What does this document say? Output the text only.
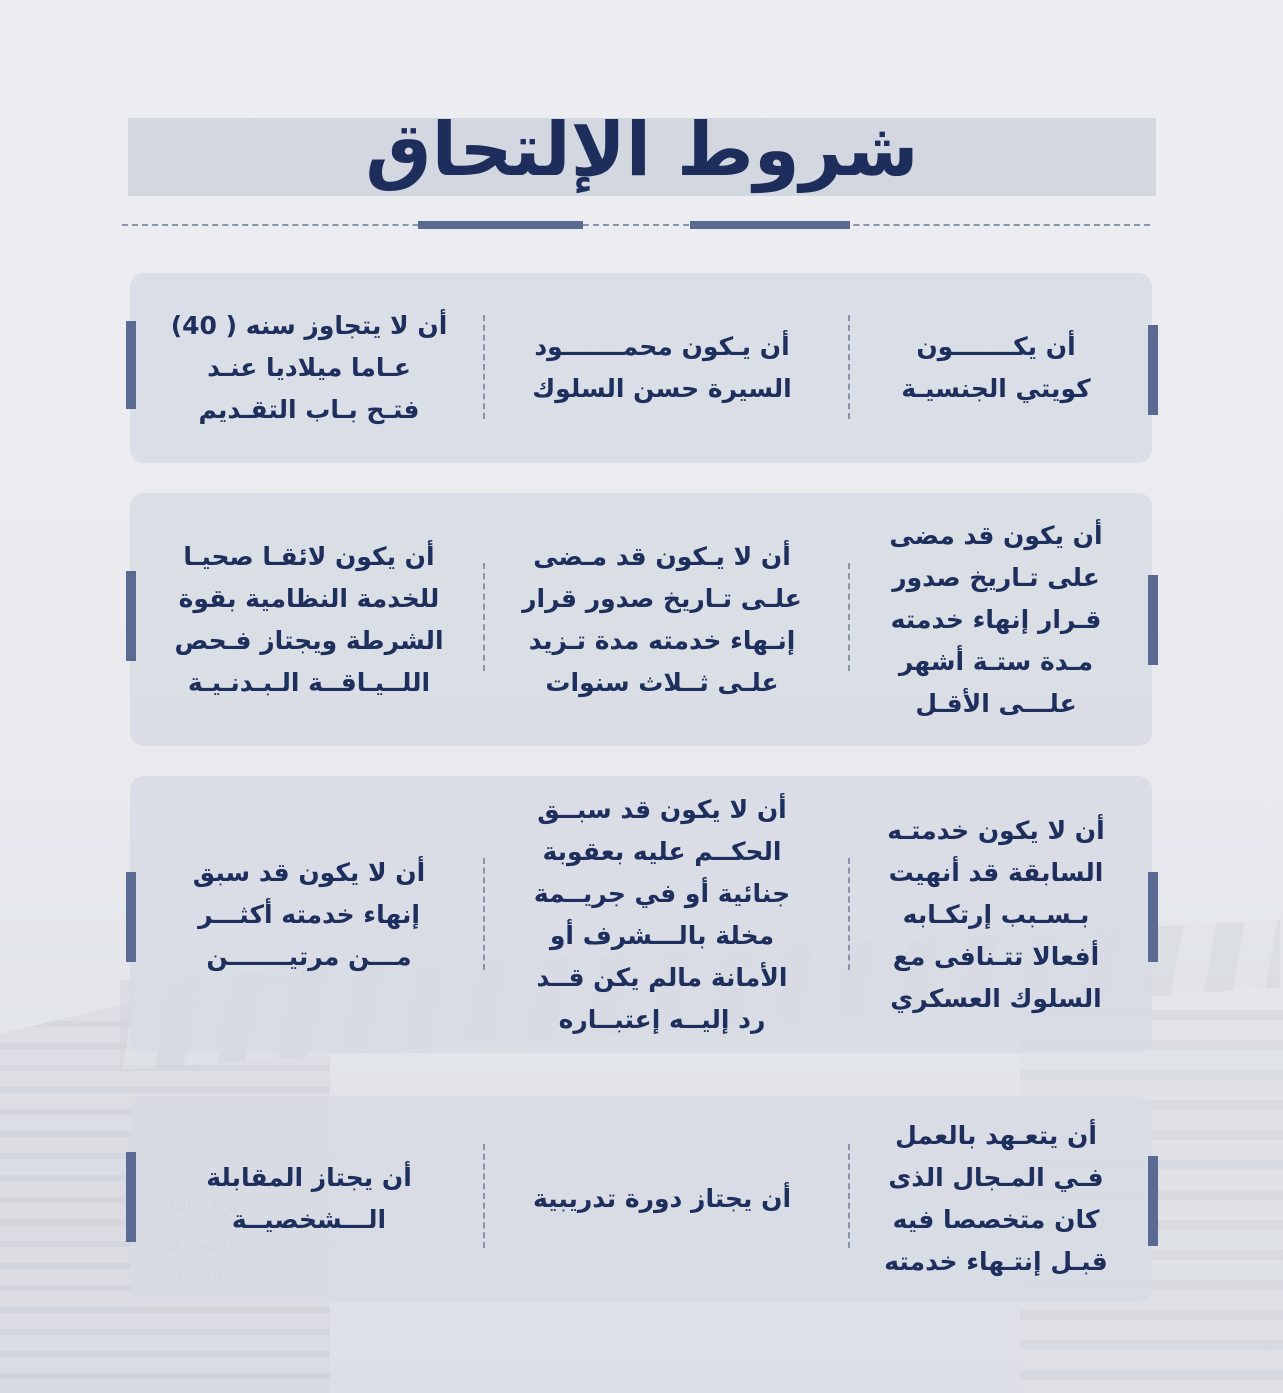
شروط الإلتحاق

أن يكـــــــون
كويتي الجنسيـة

أن يـكون محمـــــــود
السيرة حسن السلوك

أن لا يتجاوز سنه ( 40)
عـاما ميلاديا عنـد
فتـح بـاب التقـديم

أن يكون قد مضى
على تـاريخ صدور
قـرار إنهاء خدمته
مـدة ستـة أشهر
علـــى الأقـل

أن لا يـكون قد مـضى
علـى تـاريخ صدور قرار
إنـهاء خدمته مدة تـزيد
علـى ثــلاث سنوات

أن يكون لائقـا صحيـا
للخدمة النظامية بقوة
الشرطة ويجتاز فـحص
اللــيـاقــة الـبـدنـيـة

أن لا يكون خدمتـه
السابقة قد أنهيت
بـسـبب إرتكـابه
أفعالا تتـنافى مع
السلوك العسكري

أن لا يكون قد سبــق
الحكــم عليه بعقوبة
جنائية أو في جريــمة
مخلة بالـــشرف أو
الأمانة مالم يكن قــد
رد إليــه إعتبــاره

أن لا يكون قد سبق
إنهاء خدمته أكثـــر
مـــن مرتيـــــــن

أن يتعـهد بالعمل
فـي المـجال الذى
كان متخصصا فيه
قبـل إنتـهاء خدمته

أن يجتاز دورة تدريبية

أن يجتاز المقابلة
الـــشخصيــة
